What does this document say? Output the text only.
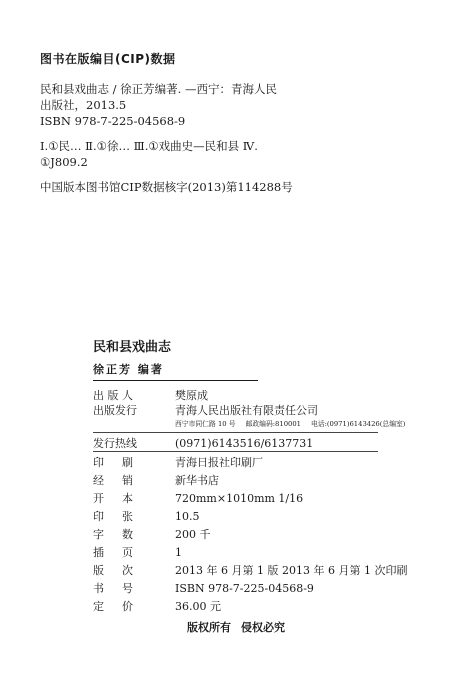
图书在版编目(CIP)数据
民和县戏曲志 / 徐正芳编著. —西宁：青海人民
出版社，2013.5
ISBN 978-7-225-04568-9
Ⅰ.①民… Ⅱ.①徐… Ⅲ.①戏曲史—民和县 Ⅳ.
①J809.2
中国版本图书馆CIP数据核字(2013)第114288号
民和县戏曲志
徐正芳 编著
出 版 人	樊原成
出版发行	青海人民出版社有限责任公司
西宁市同仁路 10 号 邮政编码:810001 电话:(0971)6143426(总编室)
发行热线	(0971)6143516/6137731
印刷	青海日报社印刷厂
经销	新华书店
开本	720mm×1010mm 1/16
印张	10.5
字数	200 千
插页	1
版次	2013 年 6 月第 1 版 2013 年 6 月第 1 次印刷
书号	ISBN 978-7-225-04568-9
定价	36.00 元
版权所有 侵权必究
